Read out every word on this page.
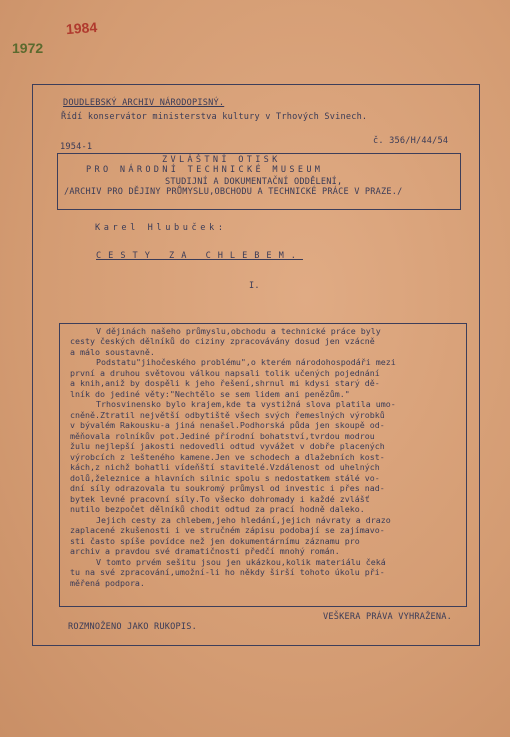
1984
1972
DOUDLEBSKÝ ARCHIV NÁRODOPISNÝ.
Řídí konservátor ministerstva kultury v Trhových Svinech.
1954-1
č. 356/H/44/54
ZVLÁŠTNÍ OTISK
PRO NÁRODNÍ TECHNICKÉ MUSEUM
STUDIJNÍ A DOKUMENTAČNÍ ODDĚLENÍ,
/ARCHIV PRO DĚJINY PRŮMYSLU,OBCHODU A TECHNICKÉ PRÁCE V PRAZE./
Karel Hlubuček:
CESTY ZA CHLEBEM.
I.
V dějinách našeho průmyslu,obchodu a technické práce byly
cesty českých dělníků do ciziny zpracovávány dosud jen vzácně
a málo soustavně.
Podstatu"jihočeského problému",o kterém národohospodáři mezi
první a druhou světovou válkou napsali tolik učených pojednání
a knih,aniž by dospěli k jeho řešení,shrnul mi kdysi starý dě-
lník do jediné věty:"Nechtělo se sem lidem ani penězům."
Trhosvinensko bylo krajem,kde ta vystižná slova platila umo-
cněně.Ztratil největší odbytiště všech svých řemeslných výrobků
v bývalém Rakousku-a jiná nenašel.Podhorská půda jen skoupě od-
měňovala rolníkův pot.Jediné přírodní bohatství,tvrdou modrou
žulu nejlepší jakosti nedovedli odtud vyvážet v dobře placených
výrobcích z lešteného kamene.Jen ve schodech a dlažebních kost-
kách,z nichž bohatli vídeňští stavitelé.Vzdálenost od uhelných
dolů,železnice a hlavních silnic spolu s nedostatkem stálé vo-
dní síly odrazovala tu soukromý průmysl od investic i přes nad-
bytek levné pracovní síly.To všecko dohromady i každé zvlášť
nutilo bezpočet dělníků chodit odtud za prací hodně daleko.
Jejich cesty za chlebem,jeho hledání,jejich návraty a drazo
zaplacené zkušenosti i ve stručném zápisu podobají se zajímavo-
sti často spíše povídce než jen dokumentárnímu záznamu pro
archiv a pravdou své dramatičnosti předčí mnohý román.
V tomto prvém sešitu jsou jen ukázkou,kolik materiálu čeká
tu na své zpracování,umožní-li ho někdy širší tohoto úkolu při-
měřená podpora.
ROZMNOŽENO JAKO RUKOPIS.
VEŠKERA PRÁVA VYHRAŽENA.
